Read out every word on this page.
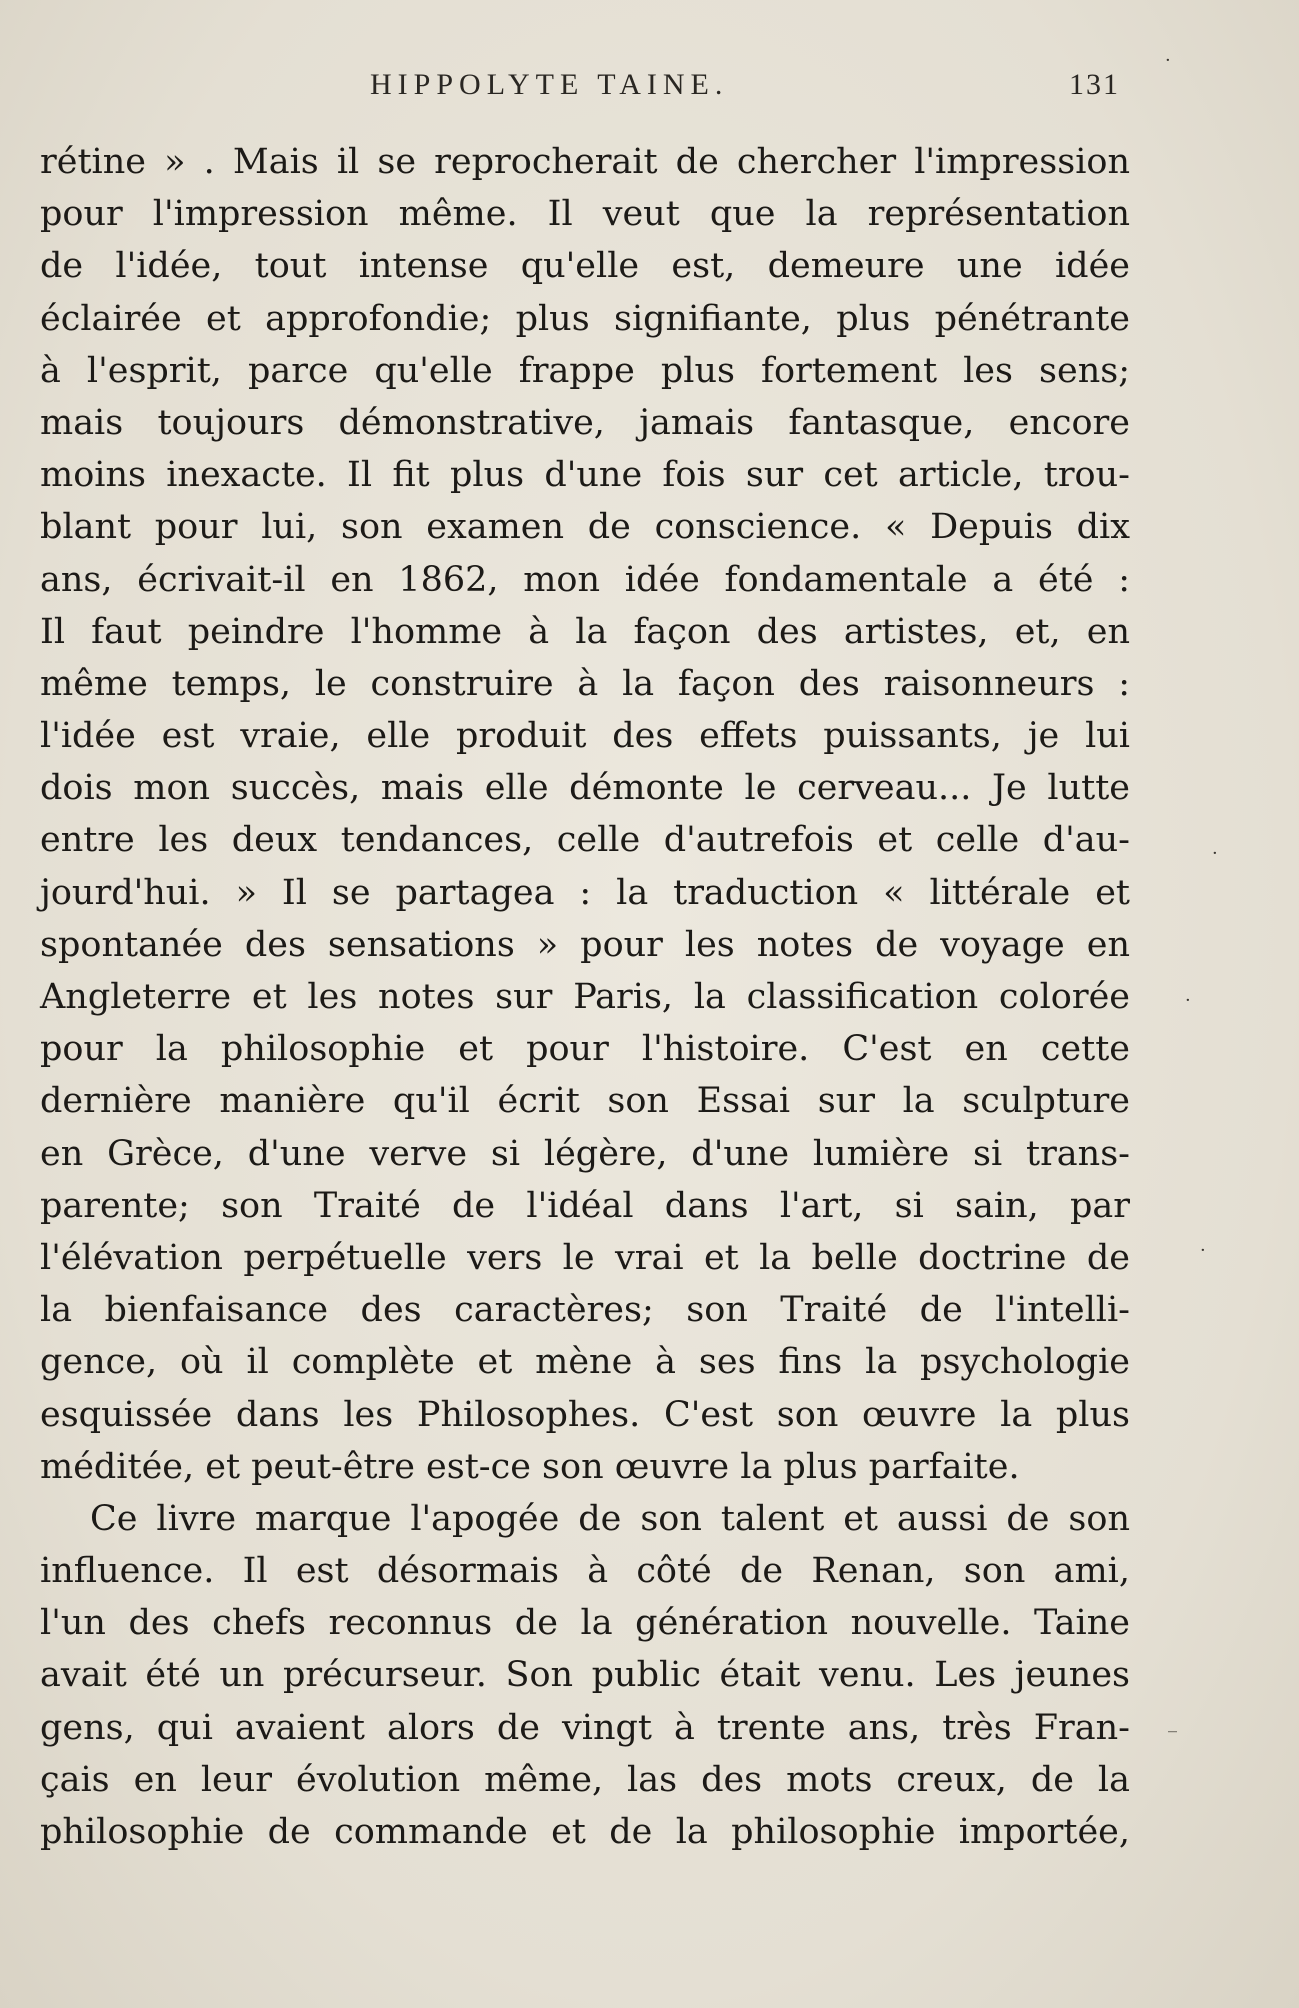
HIPPOLYTE TAINE.	131
rétine » . Mais il se reprocherait de chercher l'impression
pour l'impression même. Il veut que la représentation
de l'idée, tout intense qu'elle est, demeure une idée
éclairée et approfondie; plus signifiante, plus pénétrante
à l'esprit, parce qu'elle frappe plus fortement les sens;
mais toujours démonstrative, jamais fantasque, encore
moins inexacte. Il fit plus d'une fois sur cet article, trou-
blant pour lui, son examen de conscience. « Depuis dix
ans, écrivait-il en 1862, mon idée fondamentale a été :
Il faut peindre l'homme à la façon des artistes, et, en
même temps, le construire à la façon des raisonneurs :
l'idée est vraie, elle produit des effets puissants, je lui
dois mon succès, mais elle démonte le cerveau... Je lutte
entre les deux tendances, celle d'autrefois et celle d'au-
jourd'hui. » Il se partagea : la traduction « littérale et
spontanée des sensations » pour les notes de voyage en
Angleterre et les notes sur Paris, la classification colorée
pour la philosophie et pour l'histoire. C'est en cette
dernière manière qu'il écrit son Essai sur la sculpture
en Grèce, d'une verve si légère, d'une lumière si trans-
parente; son Traité de l'idéal dans l'art, si sain, par
l'élévation perpétuelle vers le vrai et la belle doctrine de
la bienfaisance des caractères; son Traité de l'intelli-
gence, où il complète et mène à ses fins la psychologie
esquissée dans les Philosophes. C'est son œuvre la plus
méditée, et peut-être est-ce son œuvre la plus parfaite.
Ce livre marque l'apogée de son talent et aussi de son
influence. Il est désormais à côté de Renan, son ami,
l'un des chefs reconnus de la génération nouvelle. Taine
avait été un précurseur. Son public était venu. Les jeunes
gens, qui avaient alors de vingt à trente ans, très Fran-
çais en leur évolution même, las des mots creux, de la
philosophie de commande et de la philosophie importée,
·
·
·
_
·
